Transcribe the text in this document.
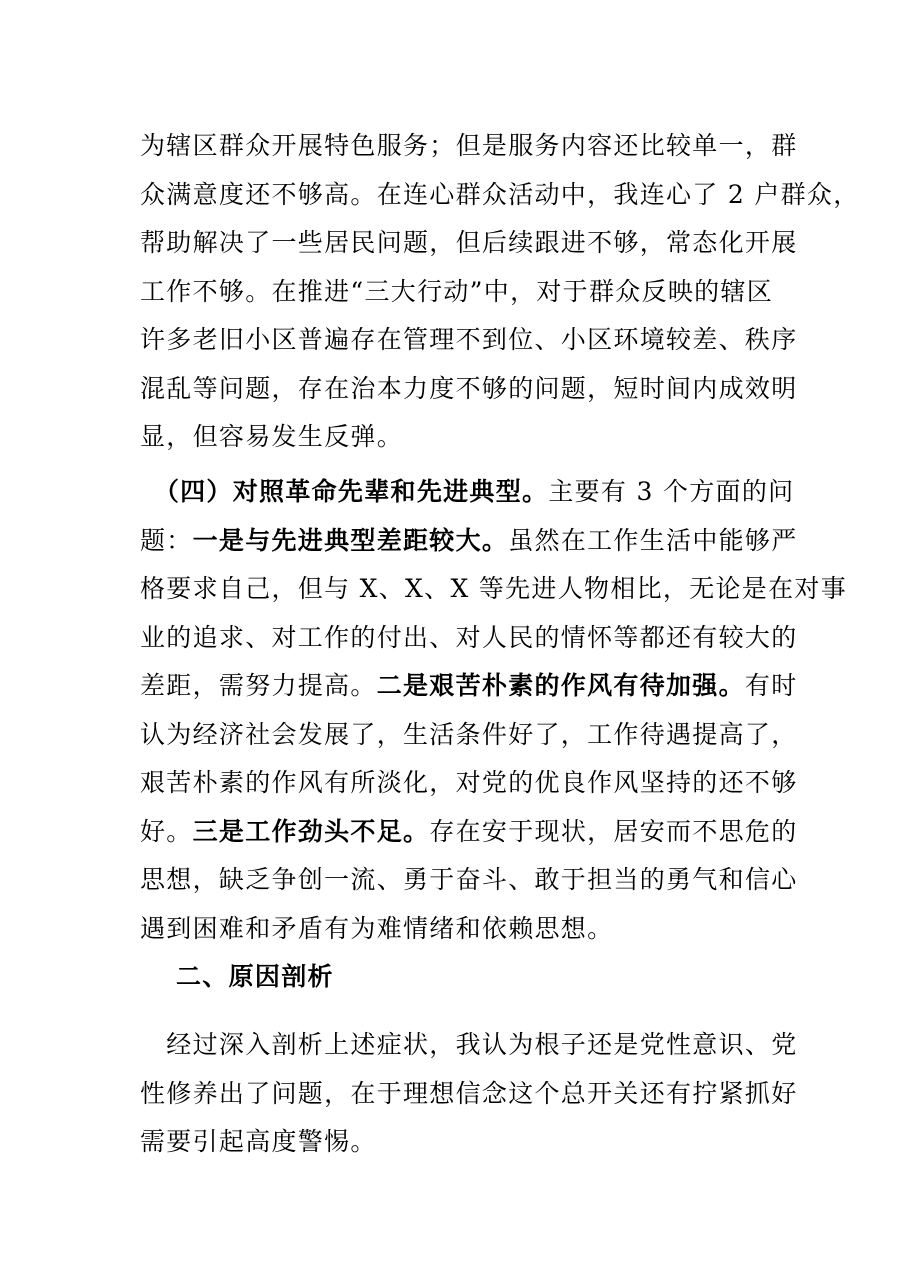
为辖区群众开展特色服务；但是服务内容还比较单一，群
众满意度还不够高。在连心群众活动中，我连心了 2 户群众，
帮助解决了一些居民问题，但后续跟进不够，常态化开展
工作不够。在推进“三大行动”中，对于群众反映的辖区
许多老旧小区普遍存在管理不到位、小区环境较差、秩序
混乱等问题，存在治本力度不够的问题，短时间内成效明
显，但容易发生反弹。
　（四）对照革命先辈和先进典型。主要有 3 个方面的问
题：一是与先进典型差距较大。虽然在工作生活中能够严
格要求自己，但与 X、X、X 等先进人物相比，无论是在对事
业的追求、对工作的付出、对人民的情怀等都还有较大的
差距，需努力提高。二是艰苦朴素的作风有待加强。有时
认为经济社会发展了，生活条件好了，工作待遇提高了，
艰苦朴素的作风有所淡化，对党的优良作风坚持的还不够
好。三是工作劲头不足。存在安于现状，居安而不思危的
思想，缺乏争创一流、勇于奋斗、敢于担当的勇气和信心
遇到困难和矛盾有为难情绪和依赖思想。
二、原因剖析
　经过深入剖析上述症状，我认为根子还是党性意识、党
性修养出了问题，在于理想信念这个总开关还有拧紧抓好
需要引起高度警惕。
